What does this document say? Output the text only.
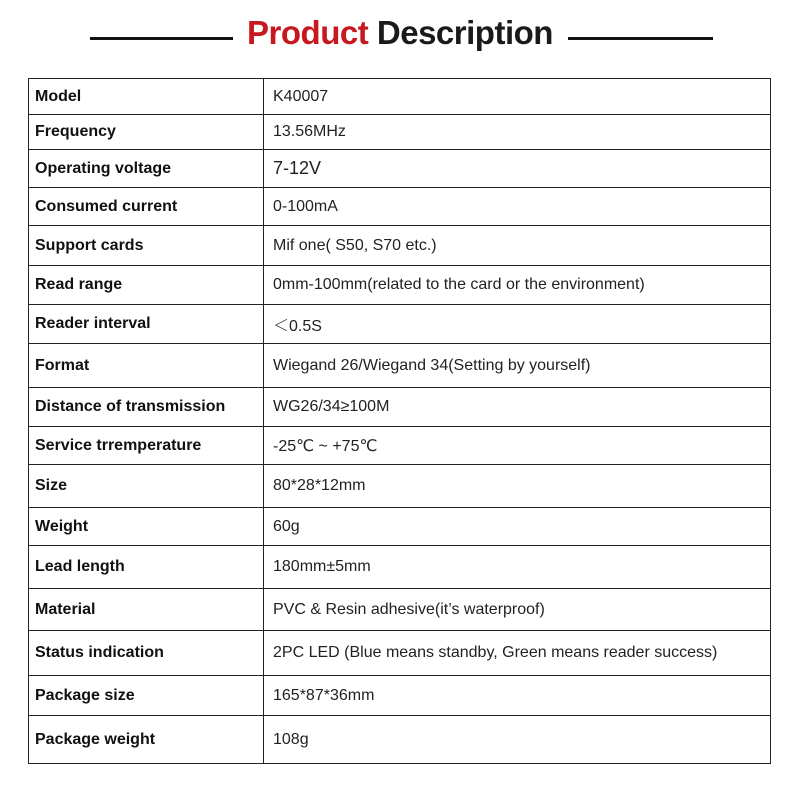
Product Description
Model	K40007
Frequency	13.56MHz
Operating voltage	7-12V
Consumed current	0-100mA
Support cards	Mif one( S50, S70 etc.)
Read range	0mm-100mm(related to the card or the environment)
Reader interval	＜0.5S
Format	Wiegand 26/Wiegand 34(Setting by yourself)
Distance of transmission	WG26/34≥100M
Service trremperature	-25℃ ~ +75℃
Size	80*28*12mm
Weight	60g
Lead length	180mm±5mm
Material	PVC & Resin adhesive(it’s waterproof)
Status indication	2PC LED (Blue means standby, Green means reader success)
Package size	165*87*36mm
Package weight	108g
